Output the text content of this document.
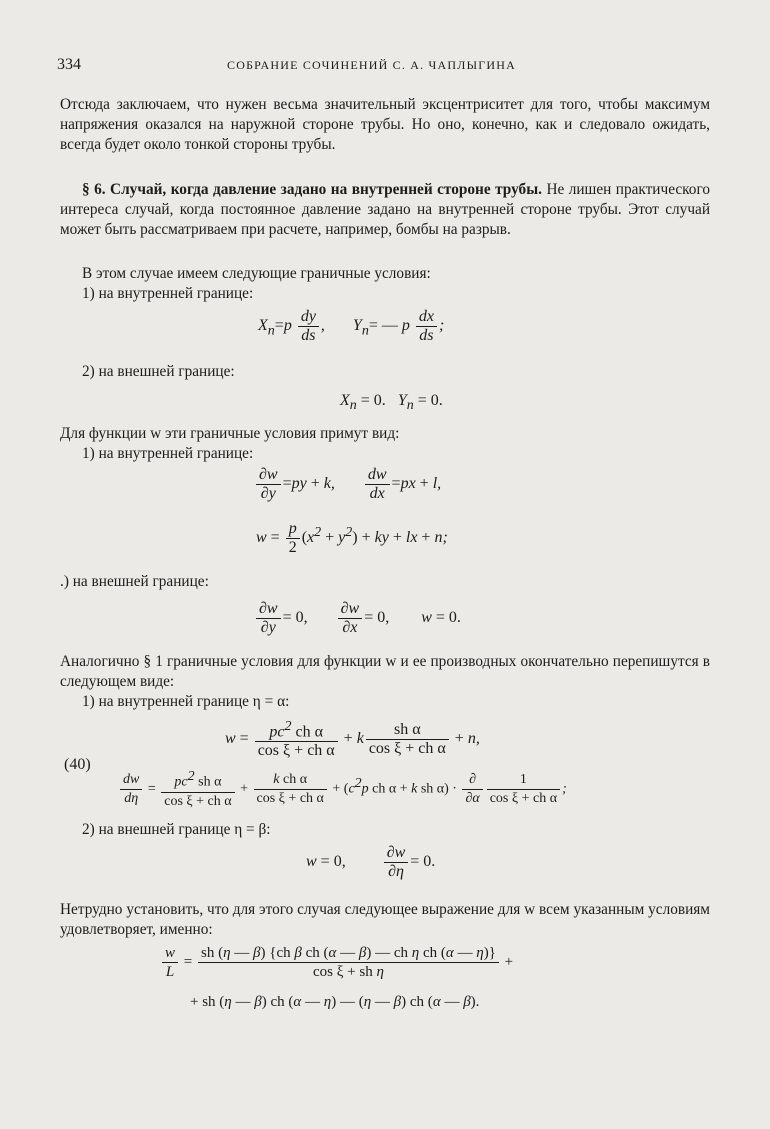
334	СОБРАНИЕ СОЧИНЕНИЙ С. А. ЧАПЛЫГИНА

Отсюда заключаем, что нужен весьма значительный эксцентриситет для того, чтобы максимум напряжения оказался на наружной стороне трубы. Но оно, конечно, как и следовало ожидать, всегда будет около тонкой стороны трубы.

§ 6. Случай, когда давление задано на внутренней стороне трубы. Не лишен практического интереса случай, когда постоянное давление задано на внутренней стороне трубы. Этот случай может быть рассматриваем при расчете, например, бомбы на разрыв.

В этом случае имеем следующие граничные условия:

1) на внутренней границе:

$X_n=p \frac{dy}{ds}$ ,       $Y_n=$ — p $\frac{dx}{ds}$ ;

2) на внешней границе:

$X_n = 0$.   $Y_n = 0$.

Для функции w эти граничные условия примут вид:

1) на внутренней границе:

$\frac{\partial w}{\partial y} =py + k$, $\frac{dw}{dx} =px + l$,
$w = \frac{p}{2} (x^2 + y^2)$ + ky + lx + n;

.) на внешней границе:

$\frac{\partial w}{\partial y} = 0$, $\frac{\partial w}{\partial x} = 0$,        w = 0.

Аналогично § 1 граничные условия для функции w и ее производных окончательно перепишутся в следующем виде:

1) на внутренней границе η = α:

(40)
$w = \frac{pc^2 ch \alpha}{\text{cos ξ + ch α}} + k \frac{\text{sh α}}{\text{cos ξ + ch α}} + n$,
$\frac{dw}{d\eta} = \frac{pc^2 sh \alpha}{\text{cos ξ + ch α}} + \frac{\text{k ch α}}{\text{cos ξ + ch α}} + (c^2p$ ch α + k sh $\alpha) \cdot \frac{\partial}{\partial\alpha} \frac{1}{\text{cos ξ + ch α}}$ ;

2) на внешней границе η = β:

w = 0, $\frac{\partial w}{\partial\eta} = 0$.

Нетрудно установить, что для этого случая следующее выражение для w всем указанным условиям удовлетворяет, именно:

$\frac{w}{L} = \frac{\text{sh (η — β) \{ch β ch (α — β) — ch η ch (α — η)\}}}{\text{cos ξ + sh η}}$ +
+ sh (η — β) ch (α — η) — (η — β) ch (α — β).
